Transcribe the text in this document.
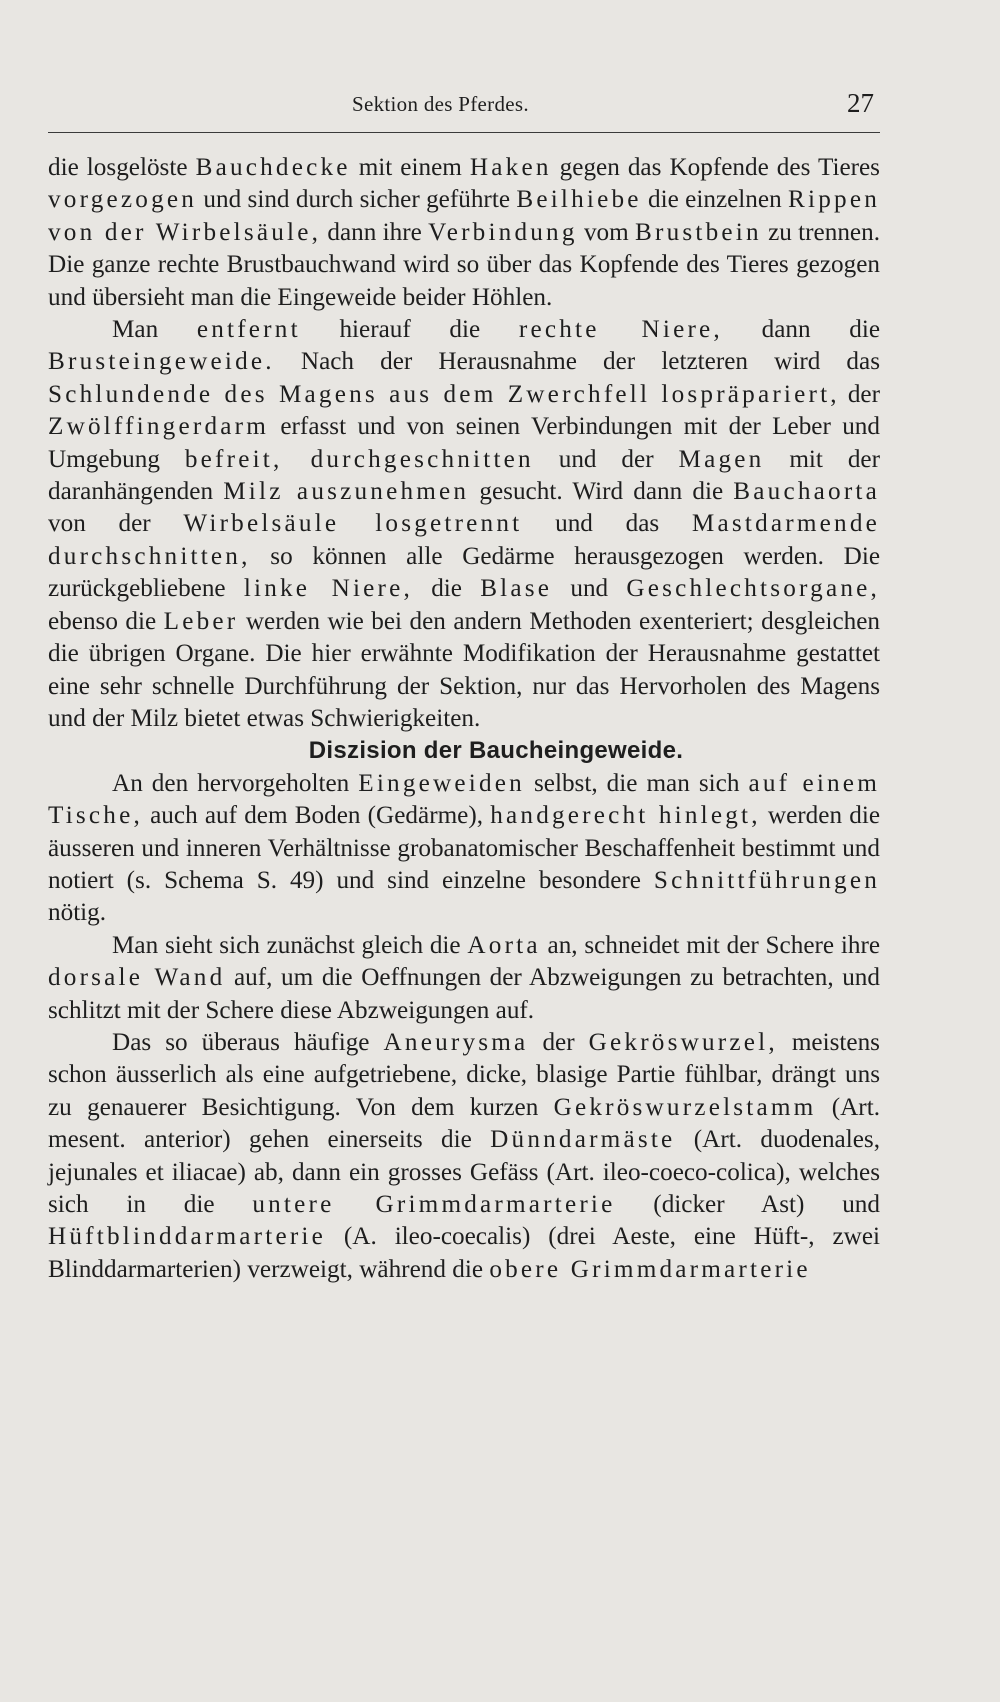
Sektion des Pferdes.	27

die losgelöste Bauchdecke mit einem Haken gegen das Kopfende des Tieres vorgezogen und sind durch sicher geführte Beilhiebe die einzelnen Rippen von der Wirbelsäule, dann ihre Verbindung vom Brustbein zu trennen. Die ganze rechte Brustbauchwand wird so über das Kopfende des Tieres gezogen und übersieht man die Eingeweide beider Höhlen.

Man entfernt hierauf die rechte Niere, dann die Brusteingeweide. Nach der Herausnahme der letzteren wird das Schlundende des Magens aus dem Zwerchfell lospräpariert, der Zwölffingerdarm erfasst und von seinen Verbindungen mit der Leber und Umgebung befreit, durchgeschnitten und der Magen mit der daranhängenden Milz auszunehmen gesucht. Wird dann die Bauchaorta von der Wirbelsäule losgetrennt und das Mastdarmende durchschnitten, so können alle Gedärme herausgezogen werden. Die zurückgebliebene linke Niere, die Blase und Geschlechtsorgane, ebenso die Leber werden wie bei den andern Methoden exenteriert; desgleichen die übrigen Organe. Die hier erwähnte Modifikation der Herausnahme gestattet eine sehr schnelle Durchführung der Sektion, nur das Hervorholen des Magens und der Milz bietet etwas Schwierigkeiten.

Diszision der Baucheingeweide.

An den hervorgeholten Eingeweiden selbst, die man sich auf einem Tische, auch auf dem Boden (Gedärme), handgerecht hinlegt, werden die äusseren und inneren Verhältnisse grobanatomischer Beschaffenheit bestimmt und notiert (s. Schema S. 49) und sind einzelne besondere Schnittführungen nötig.

Man sieht sich zunächst gleich die Aorta an, schneidet mit der Schere ihre dorsale Wand auf, um die Oeffnungen der Abzweigungen zu betrachten, und schlitzt mit der Schere diese Abzweigungen auf.

Das so überaus häufige Aneurysma der Gekröswurzel, meistens schon äusserlich als eine aufgetriebene, dicke, blasige Partie fühlbar, drängt uns zu genauerer Besichtigung. Von dem kurzen Gekröswurzelstamm (Art. mesent. anterior) gehen einerseits die Dünndarmäste (Art. duodenales, jejunales et iliacae) ab, dann ein grosses Gefäss (Art. ileo-coeco-colica), welches sich in die untere Grimmdarmarterie (dicker Ast) und Hüftblinddarmarterie (A. ileo-coecalis) (drei Aeste, eine Hüft-, zwei Blinddarmarterien) verzweigt, während die obere Grimmdarmarterie
